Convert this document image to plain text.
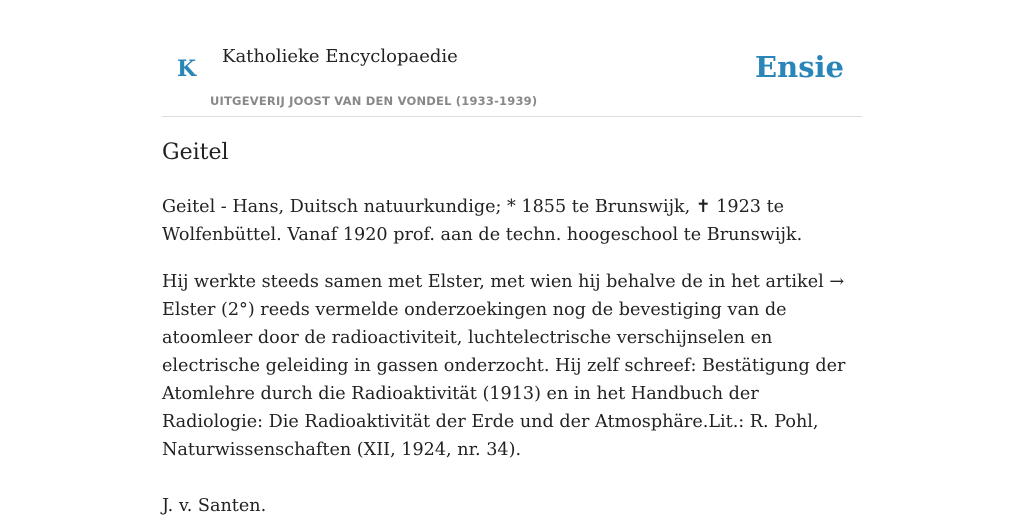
K Katholieke Encyclopaedie
UITGEVERIJ JOOST VAN DEN VONDEL (1933-1939)
Ensie
Geitel

Geitel - Hans, Duitsch natuurkundige; * 1855 te Brunswijk, ✝ 1923 te Wolfenbüttel. Vanaf 1920 prof. aan de techn. hoogeschool te Brunswijk.

Hij werkte steeds samen met Elster, met wien hij behalve de in het artikel → Elster (2°) reeds vermelde onderzoekingen nog de bevestiging van de atoomleer door de radioactiviteit, luchtelectrische verschijnselen en electrische geleiding in gassen onderzocht. Hij zelf schreef: Bestätigung der Atomlehre durch die Radioaktivität (1913) en in het Handbuch der Radiologie: Die Radioaktivität der Erde und der Atmosphäre.Lit.: R. Pohl, Naturwissenschaften (XII, 1924, nr. 34).

J. v. Santen.
